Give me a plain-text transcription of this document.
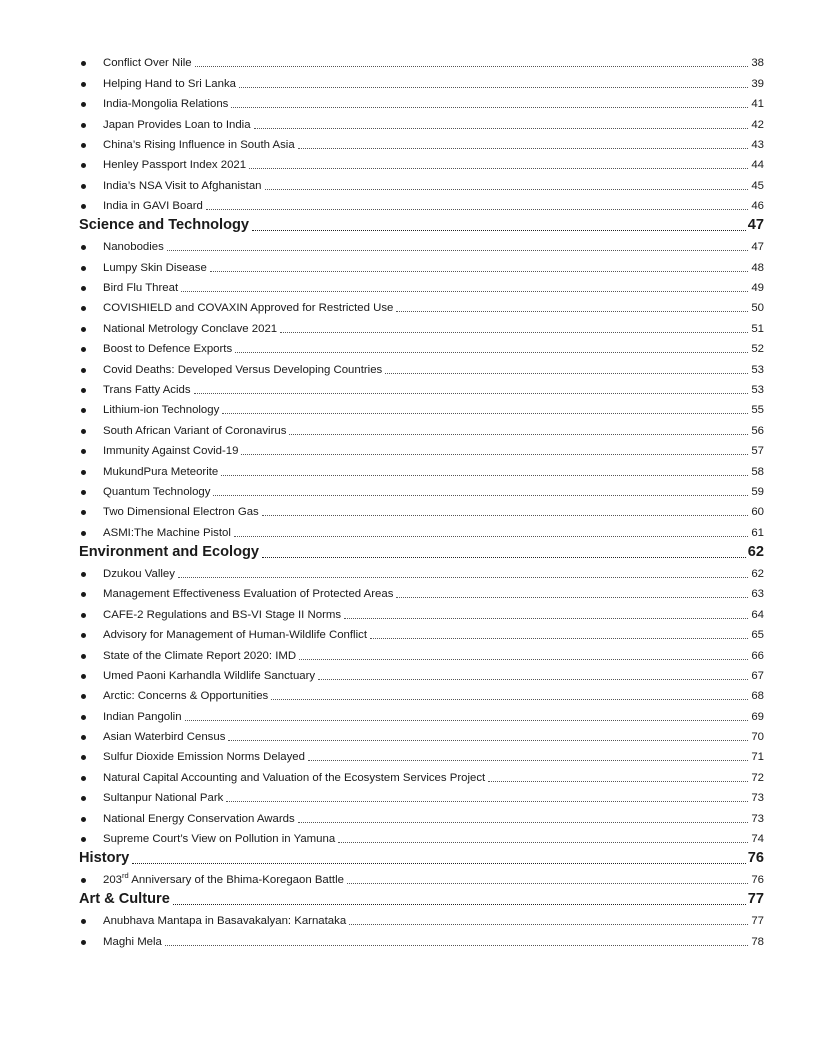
Conflict Over Nile	38
Helping Hand to Sri Lanka	39
India-Mongolia Relations	41
Japan Provides Loan to India	42
China’s Rising Influence in South Asia	43
Henley Passport Index 2021	44
India’s NSA Visit to Afghanistan	45
India in GAVI Board	46
Science and Technology	47
Nanobodies	47
Lumpy Skin Disease	48
Bird Flu Threat	49
COVISHIELD and COVAXIN Approved for Restricted Use	50
National Metrology Conclave 2021	51
Boost to Defence Exports	52
Covid Deaths: Developed Versus Developing Countries	53
Trans Fatty Acids	53
Lithium-ion Technology	55
South African Variant of Coronavirus	56
Immunity Against Covid-19	57
MukundPura Meteorite	58
Quantum Technology	59
Two Dimensional Electron Gas	60
ASMI:The Machine Pistol	61
Environment and Ecology	62
Dzukou Valley	62
Management Effectiveness Evaluation of Protected Areas	63
CAFE-2 Regulations and BS-VI Stage II Norms	64
Advisory for Management of Human-Wildlife Conflict	65
State of the Climate Report 2020: IMD	66
Umed Paoni Karhandla Wildlife Sanctuary	67
Arctic: Concerns & Opportunities	68
Indian Pangolin	69
Asian Waterbird Census	70
Sulfur Dioxide Emission Norms Delayed	71
Natural Capital Accounting and Valuation of the Ecosystem Services Project	72
Sultanpur National Park	73
National Energy Conservation Awards	73
Supreme Court’s View on Pollution in Yamuna	74
History	76
203rd Anniversary of the Bhima-Koregaon Battle	76
Art & Culture	77
Anubhava Mantapa in Basavakalyan: Karnataka	77
Maghi Mela	78
